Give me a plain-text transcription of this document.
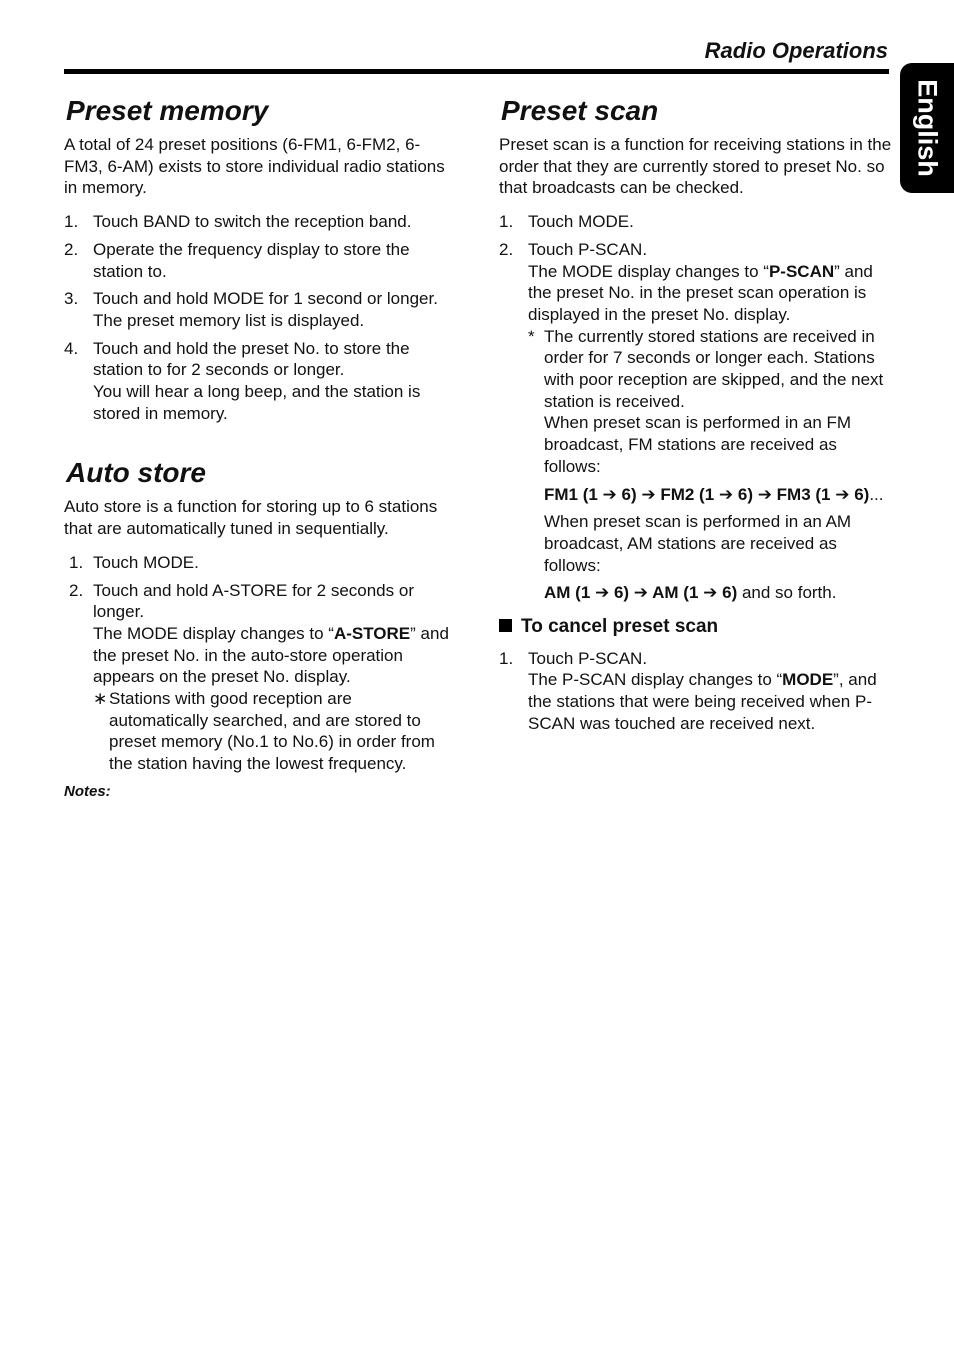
Radio Operations
English
Preset memory

A total of 24 preset positions (6-FM1, 6-FM2, 6-FM3, 6-AM) exists to store individual radio stations in memory.

1. Touch BAND to switch the reception band.
2. Operate the frequency display to store the station to.
3. Touch and hold MODE for 1 second or longer.
The preset memory list is displayed.
4. Touch and hold the preset No. to store the station to for 2 seconds or longer.
You will hear a long beep, and the station is stored in memory.
Auto store

Auto store is a function for storing up to 6 stations that are automatically tuned in sequentially.

1. Touch MODE.
2. Touch and hold A-STORE for 2 seconds or longer.
The MODE display changes to “A-STORE” and the preset No. in the auto-store operation appears on the preset No. display.
∗ Stations with good reception are automatically searched, and are stored to preset memory (No.1 to No.6) in order from the station having the lowest frequency.
Notes:
Preset scan

Preset scan is a function for receiving stations in the order that they are currently stored to preset No. so that broadcasts can be checked.

1. Touch MODE.
2. Touch P-SCAN.
The MODE display changes to “P-SCAN” and the preset No. in the preset scan operation is displayed in the preset No. display.
* The currently stored stations are received in order for 7 seconds or longer each. Stations with poor reception are skipped, and the next station is received.
When preset scan is performed in an FM broadcast, FM stations are received as follows:
FM1 (1 ➔ 6) ➔ FM2 (1 ➔ 6) ➔ FM3 (1 ➔ 6)...
When preset scan is performed in an AM broadcast, AM stations are received as follows:
AM (1 ➔ 6) ➔ AM (1 ➔ 6) and so forth.
To cancel preset scan
1. Touch P-SCAN.
The P-SCAN display changes to “MODE”, and the stations that were being received when P-SCAN was touched are received next.
